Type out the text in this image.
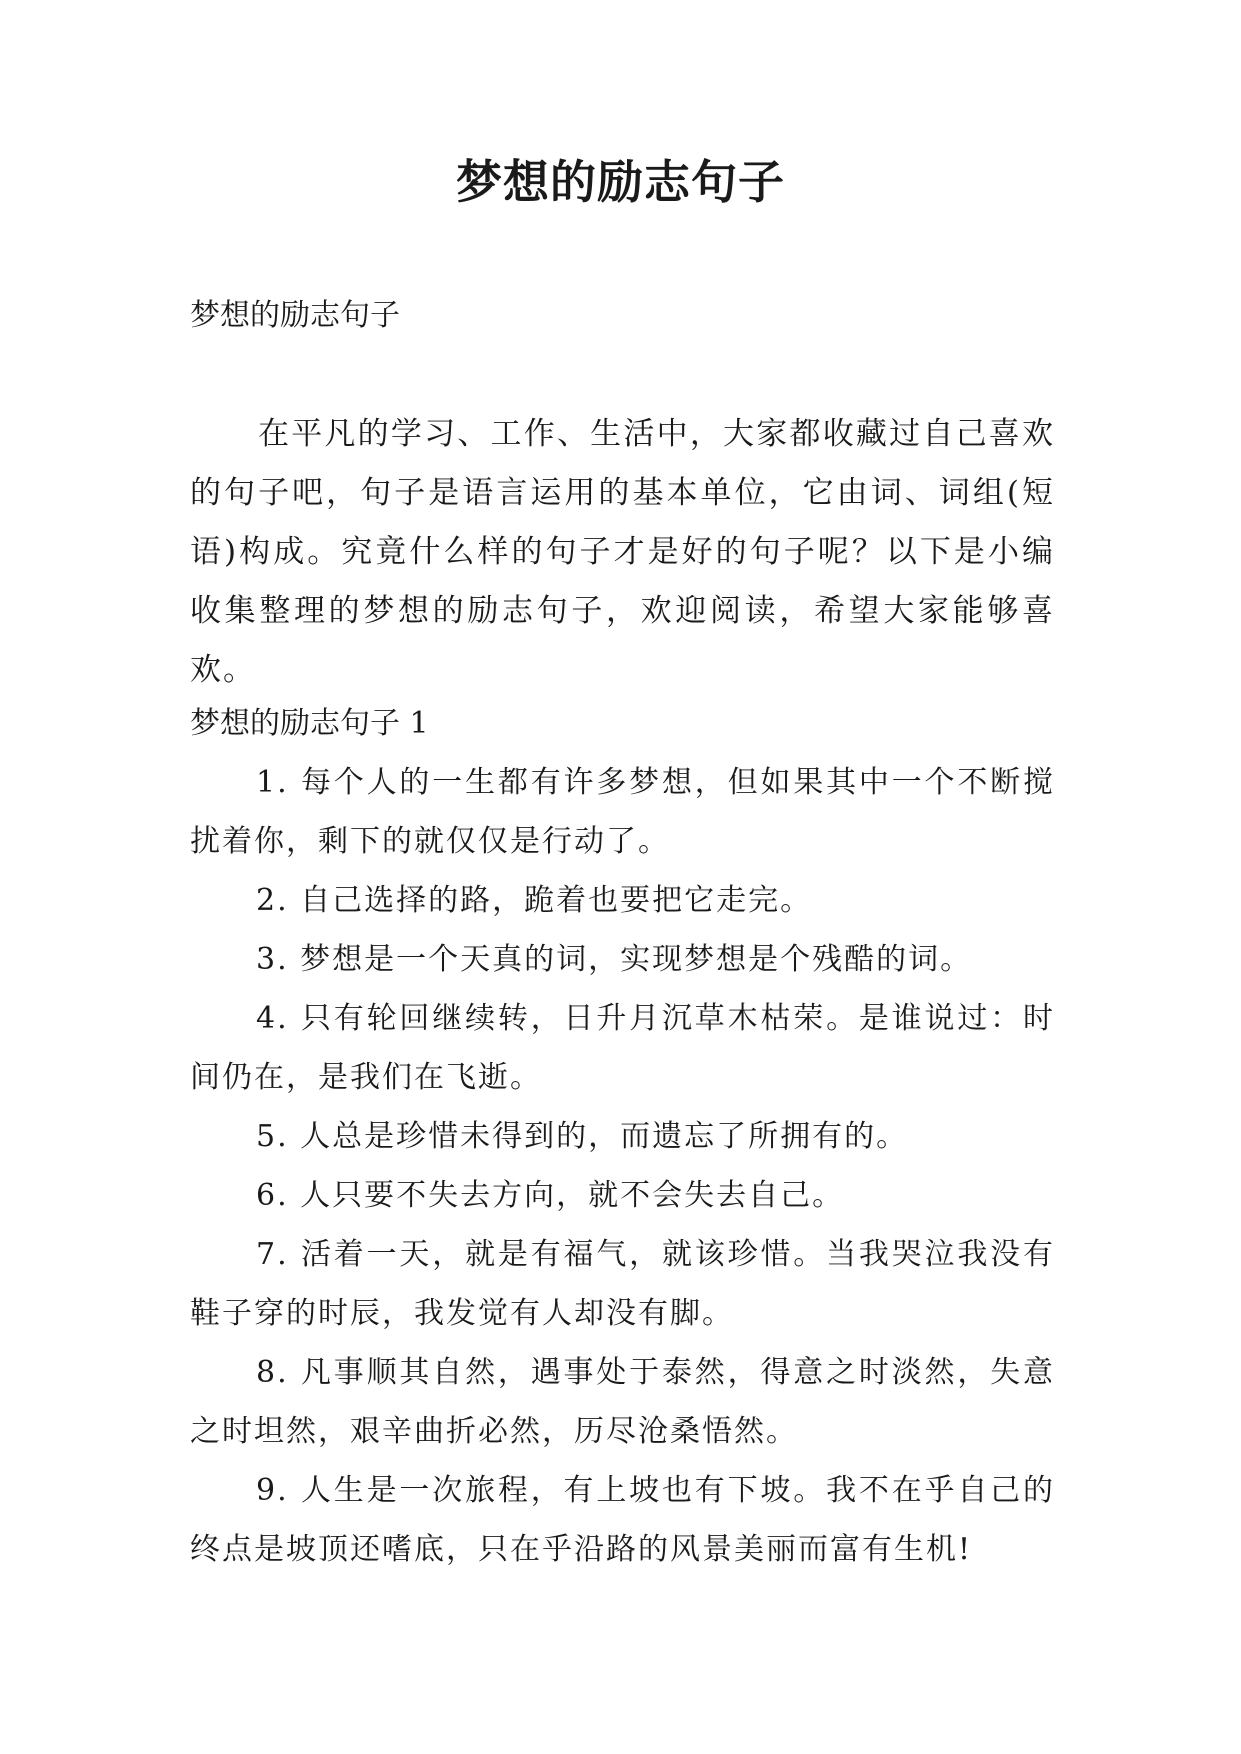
梦想的励志句子
梦想的励志句子

在平凡的学习、工作、生活中，大家都收藏过自己喜欢的句子吧，句子是语言运用的基本单位，它由词、词组(短语)构成。究竟什么样的句子才是好的句子呢？以下是小编收集整理的梦想的励志句子，欢迎阅读，希望大家能够喜欢。

梦想的励志句子 1

1. 每个人的一生都有许多梦想，但如果其中一个不断搅扰着你，剩下的就仅仅是行动了。

2. 自己选择的路，跪着也要把它走完。

3. 梦想是一个天真的词，实现梦想是个残酷的词。

4. 只有轮回继续转，日升月沉草木枯荣。是谁说过：时间仍在，是我们在飞逝。

5. 人总是珍惜未得到的，而遗忘了所拥有的。

6. 人只要不失去方向，就不会失去自己。

7. 活着一天，就是有福气，就该珍惜。当我哭泣我没有鞋子穿的时辰，我发觉有人却没有脚。

8. 凡事顺其自然，遇事处于泰然，得意之时淡然，失意之时坦然，艰辛曲折必然，历尽沧桑悟然。

9. 人生是一次旅程，有上坡也有下坡。我不在乎自己的终点是坡顶还嗜底，只在乎沿路的风景美丽而富有生机!
